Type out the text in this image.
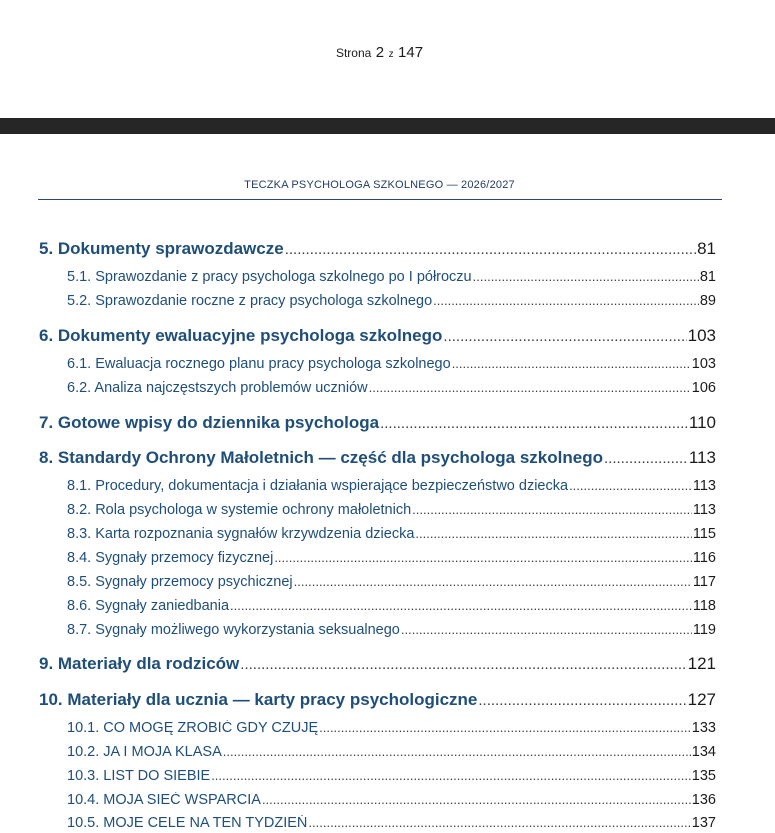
Strona 2 z 147
TECZKA PSYCHOLOGA SZKOLNEGO — 2026/2027
5. Dokumenty sprawozdawcze .....	81
5.1. Sprawozdanie z pracy psychologa szkolnego po I półroczu .....	81
5.2. Sprawozdanie roczne z pracy psychologa szkolnego .....	89
6. Dokumenty ewaluacyjne psychologa szkolnego .....	103
6.1. Ewaluacja rocznego planu pracy psychologa szkolnego .....	103
6.2. Analiza najczęstszych problemów uczniów .....	106
7. Gotowe wpisy do dziennika psychologa .....	110
8. Standardy Ochrony Małoletnich — część dla psychologa szkolnego .....	113
8.1. Procedury, dokumentacja i działania wspierające bezpieczeństwo dziecka .....	113
8.2. Rola psychologa w systemie ochrony małoletnich .....	113
8.3. Karta rozpoznania sygnałów krzywdzenia dziecka .....	115
8.4. Sygnały przemocy fizycznej .....	116
8.5. Sygnały przemocy psychicznej .....	117
8.6. Sygnały zaniedbania .....	118
8.7. Sygnały możliwego wykorzystania seksualnego .....	119
9. Materiały dla rodziców .....	121
10. Materiały dla ucznia — karty pracy psychologiczne .....	127
10.1. CO MOGĘ ZROBIĆ GDY CZUJĘ .....	133
10.2. JA I MOJA KLASA .....	134
10.3. LIST DO SIEBIE .....	135
10.4. MOJA SIEĆ WSPARCIA .....	136
10.5. MOJE CELE NA TEN TYDZIEŃ .....	137
